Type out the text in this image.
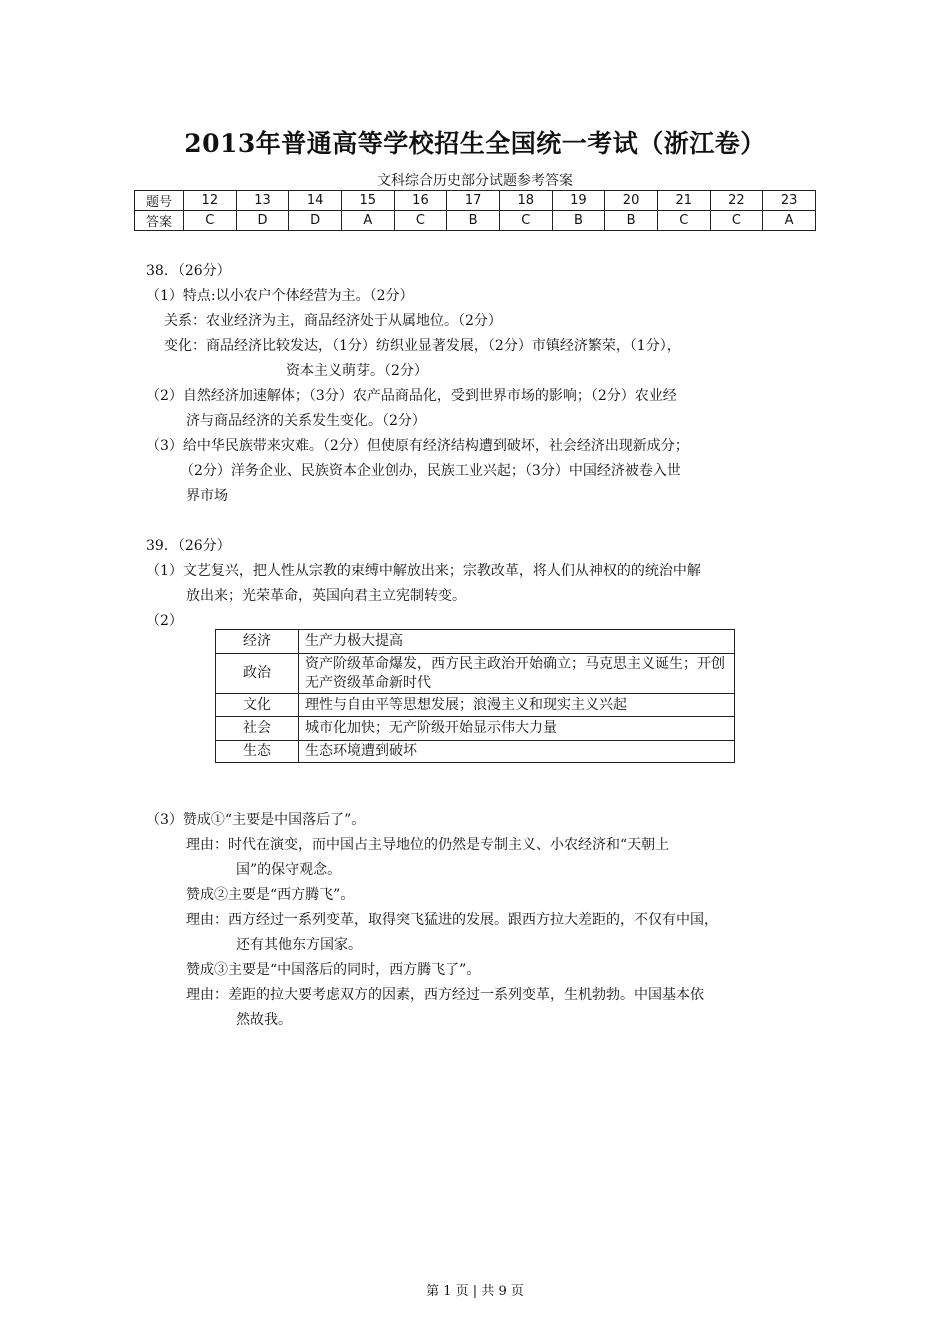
2013年普通高等学校招生全国统一考试（浙江卷）
文科综合历史部分试题参考答案
题号	12	13	14	15	16	17	18	19	20	21	22	23
答案	C	D	D	A	C	B	C	B	B	C	C	A
38．（26分）
（1）特点:以小农户个体经营为主。（2分）
关系：农业经济为主，商品经济处于从属地位。（2分）
变化：商品经济比较发达，（1分）纺织业显著发展，（2分）市镇经济繁荣，（1分），
资本主义萌芽。（2分）
（2）自然经济加速解体；（3分）农产品商品化，受到世界市场的影响；（2分）农业经
济与商品经济的关系发生变化。（2分）
（3）给中华民族带来灾难。（2分）但使原有经济结构遭到破坏，社会经济出现新成分；
（2分）洋务企业、民族资本企业创办，民族工业兴起；（3分）中国经济被卷入世
界市场
39．（26分）
（1）文艺复兴，把人性从宗教的束缚中解放出来；宗教改革，将人们从神权的的统治中解
放出来；光荣革命，英国向君主立宪制转变。
（2）
经济	生产力极大提高
政治	资产阶级革命爆发，西方民主政治开始确立；马克思主义诞生；开创无产资级革命新时代
文化	理性与自由平等思想发展；浪漫主义和现实主义兴起
社会	城市化加快；无产阶级开始显示伟大力量
生态	生态环境遭到破坏
（3）赞成①“主要是中国落后了”。
理由：时代在演变，而中国占主导地位的仍然是专制主义、小农经济和“天朝上
国”的保守观念。
赞成②主要是“西方腾飞”。
理由：西方经过一系列变革，取得突飞猛进的发展。跟西方拉大差距的，不仅有中国，
还有其他东方国家。
赞成③主要是“中国落后的同时，西方腾飞了”。
理由：差距的拉大要考虑双方的因素，西方经过一系列变革，生机勃勃。中国基本依
然故我。
第 1 页 | 共 9 页
